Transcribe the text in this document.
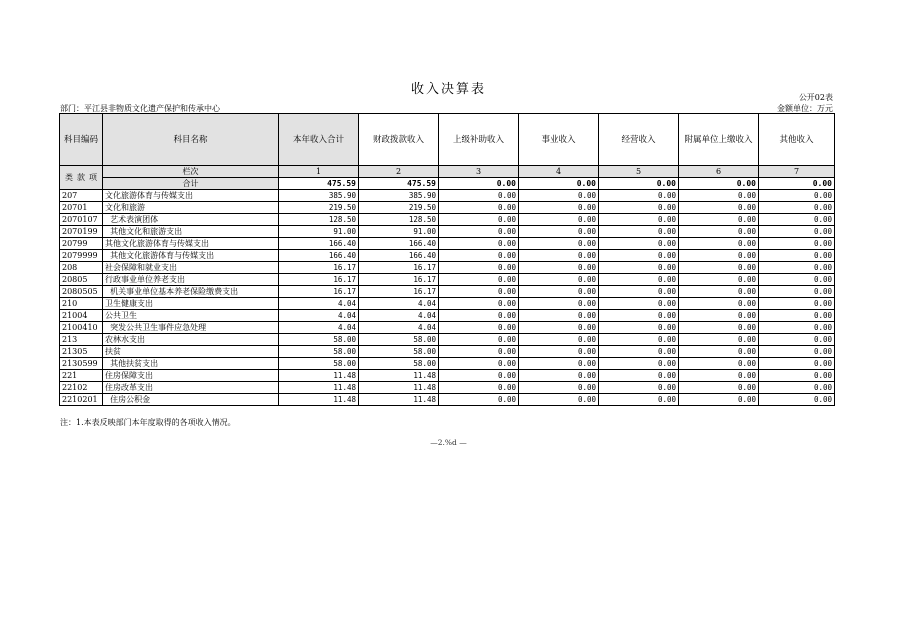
收入决算表
公开02表
部门：平江县非物质文化遗产保护和传承中心	金额单位：万元
科目编码	科目名称	本年收入合计	财政拨款收入	上级补助收入	事业收入	经营收入	附属单位上缴收入	其他收入
类 款 项	栏次	1	2	3	4	5	6	7
	合计	475.59	475.59	0.00	0.00	0.00	0.00	0.00
207	文化旅游体育与传媒支出	385.90	385.90	0.00	0.00	0.00	0.00	0.00
20701	文化和旅游	219.50	219.50	0.00	0.00	0.00	0.00	0.00
2070107	艺术表演团体	128.50	128.50	0.00	0.00	0.00	0.00	0.00
2070199	其他文化和旅游支出	91.00	91.00	0.00	0.00	0.00	0.00	0.00
20799	其他文化旅游体育与传媒支出	166.40	166.40	0.00	0.00	0.00	0.00	0.00
2079999	其他文化旅游体育与传媒支出	166.40	166.40	0.00	0.00	0.00	0.00	0.00
208	社会保障和就业支出	16.17	16.17	0.00	0.00	0.00	0.00	0.00
20805	行政事业单位养老支出	16.17	16.17	0.00	0.00	0.00	0.00	0.00
2080505	机关事业单位基本养老保险缴费支出	16.17	16.17	0.00	0.00	0.00	0.00	0.00
210	卫生健康支出	4.04	4.04	0.00	0.00	0.00	0.00	0.00
21004	公共卫生	4.04	4.04	0.00	0.00	0.00	0.00	0.00
2100410	突发公共卫生事件应急处理	4.04	4.04	0.00	0.00	0.00	0.00	0.00
213	农林水支出	58.00	58.00	0.00	0.00	0.00	0.00	0.00
21305	扶贫	58.00	58.00	0.00	0.00	0.00	0.00	0.00
2130599	其他扶贫支出	58.00	58.00	0.00	0.00	0.00	0.00	0.00
221	住房保障支出	11.48	11.48	0.00	0.00	0.00	0.00	0.00
22102	住房改革支出	11.48	11.48	0.00	0.00	0.00	0.00	0.00
2210201	住房公积金	11.48	11.48	0.00	0.00	0.00	0.00	0.00
注：1.本表反映部门本年度取得的各项收入情况。
—2.%d —
